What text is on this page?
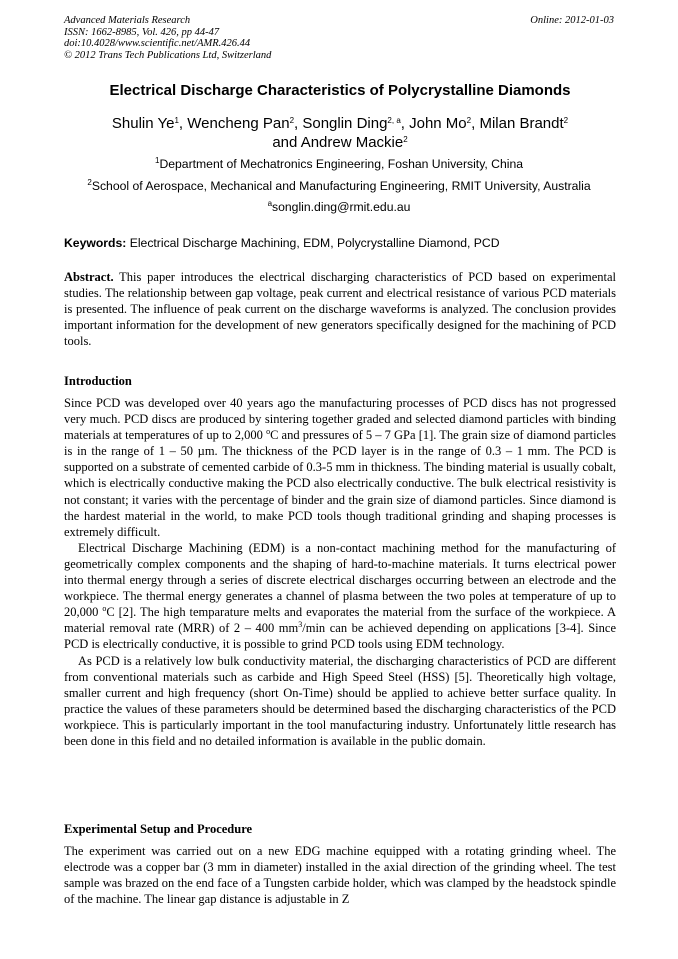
Advanced Materials Research
ISSN: 1662-8985, Vol. 426, pp 44-47
doi:10.4028/www.scientific.net/AMR.426.44
© 2012 Trans Tech Publications Ltd, Switzerland
Online: 2012-01-03
Electrical Discharge Characteristics of Polycrystalline Diamonds
Shulin Ye$^1$, Wencheng Pan$^2$, Songlin Ding$^{2, a}$, John Mo$^2$, Milan Brandt$^2$
and Andrew Mackie$^2$
$^1$Department of Mechatronics Engineering, Foshan University, China
$^2$School of Aerospace, Mechanical and Manufacturing Engineering, RMIT University, Australia
$^a$songlin.ding@rmit.edu.au
Keywords: Electrical Discharge Machining, EDM, Polycrystalline Diamond, PCD

Abstract. This paper introduces the electrical discharging characteristics of PCD based on experimental studies. The relationship between gap voltage, peak current and electrical resistance of various PCD materials is presented. The influence of peak current on the discharge waveforms is analyzed. The conclusion provides important information for the development of new generators specifically designed for the machining of PCD tools.

Introduction

Since PCD was developed over 40 years ago the manufacturing processes of PCD discs has not progressed very much. PCD discs are produced by sintering together graded and selected diamond particles with binding materials at temperatures of up to 2,000 $^o$C and pressures of 5 – 7 GPa [1]. The grain size of diamond particles is in the range of 1 – 50 µm. The thickness of the PCD layer is in the range of 0.3 – 1 mm. The PCD is supported on a substrate of cemented carbide of 0.3-5 mm in thickness. The binding material is usually cobalt, which is electrically conductive making the PCD also electrically conductive. The bulk electrical resistivity is not constant; it varies with the percentage of binder and the grain size of diamond particles. Since diamond is the hardest material in the world, to make PCD tools though traditional grinding and shaping processes is extremely difficult.

Electrical Discharge Machining (EDM) is a non-contact machining method for the manufacturing of geometrically complex components and the shaping of hard-to-machine materials. It turns electrical power into thermal energy through a series of discrete electrical discharges occurring between an electrode and the workpiece. The thermal energy generates a channel of plasma between the two poles at temperature of up to 20,000 $^o$C [2]. The high temparature melts and evaporates the material from the surface of the workpiece. A material removal rate (MRR) of 2 – 400 $mm^3/\min$ can be achieved depending on applications [3-4]. Since PCD is electrically conductive, it is possible to grind PCD tools using EDM technology.

As PCD is a relatively low bulk conductivity material, the discharging characteristics of PCD are different from conventional materials such as carbide and High Speed Steel (HSS) [5]. Theoretically high voltage, smaller current and high frequency (short On-Time) should be applied to achieve better surface quality. In practice the values of these parameters should be determined based the discharging characteristics of the PCD workpiece. This is particularly important in the tool manufacturing industry. Unfortunately little research has been done in this field and no detailed information is available in the public domain.

Experimental Setup and Procedure

The experiment was carried out on a new EDG machine equipped with a rotating grinding wheel. The electrode was a copper bar (3 mm in diameter) installed in the axial direction of the grinding wheel. The test sample was brazed on the end face of a Tungsten carbide holder, which was clamped by the headstock spindle of the machine. The linear gap distance is adjustable in Z
